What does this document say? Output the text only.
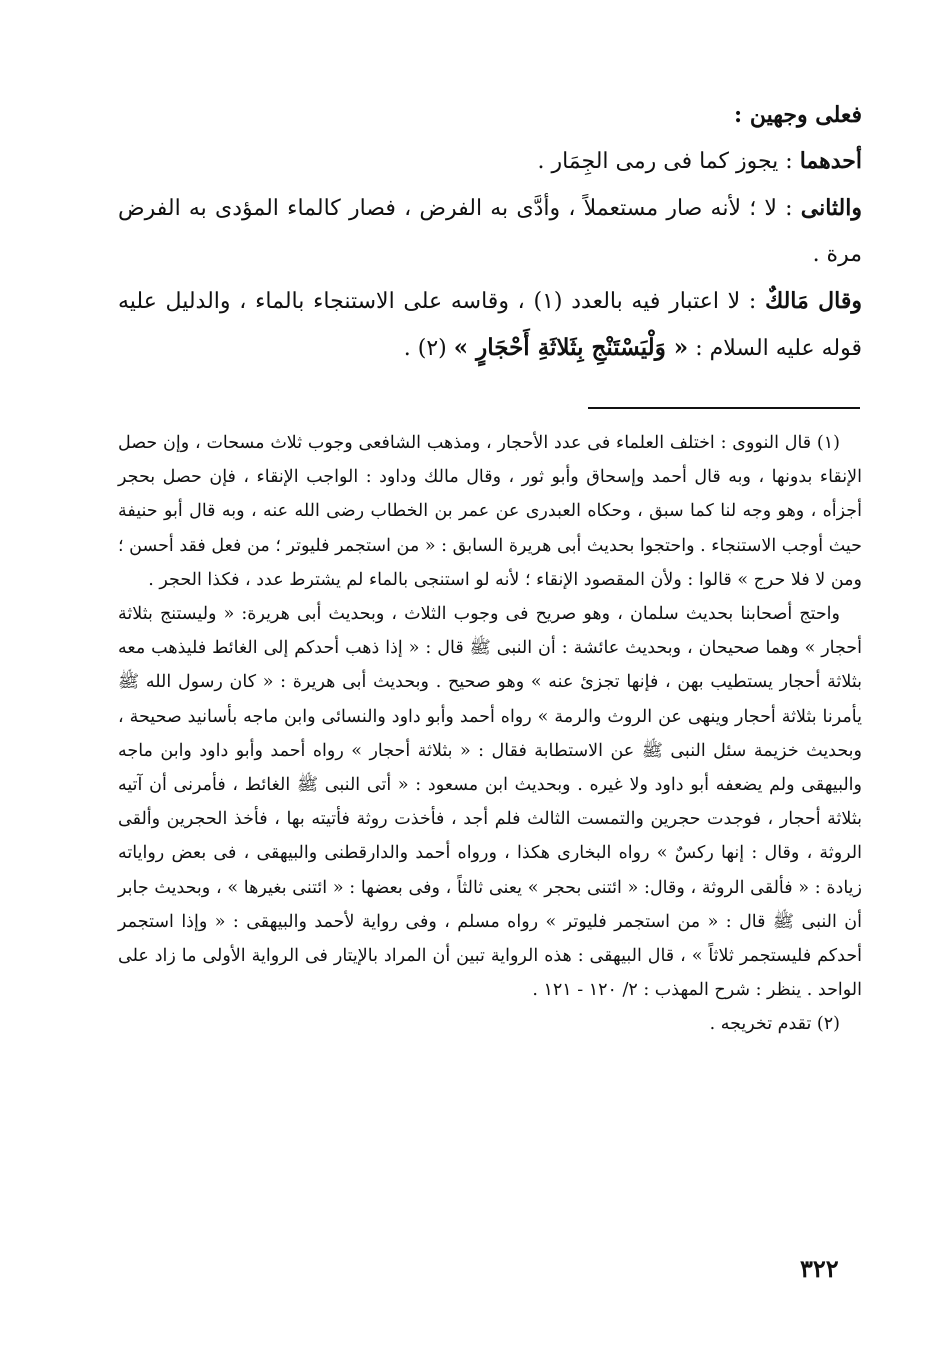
فعلى وجهين :

أحدهما : يجوز كما فى رمى الجِمَار .

والثانى : لا ؛ لأنه صار مستعملاً ، وأدَّى به الفرض ، فصار كالماء المؤدى به الفرض مرة .

وقال مَالكٌ : لا اعتبار فيه بالعدد (١) ، وقاسه على الاستنجاء بالماء ، والدليل عليه قوله عليه السلام : « وَلْيَسْتَنْجِ بِثَلاثَةِ أَحْجَارٍ » (٢) .

(١) قال النووى : اختلف العلماء فى عدد الأحجار ، ومذهب الشافعى وجوب ثلاث مسحات ، وإن حصل الإنقاء بدونها ، وبه قال أحمد وإسحاق وأبو ثور ، وقال مالك وداود : الواجب الإنقاء ، فإن حصل بحجر أجزأه ، وهو وجه لنا كما سبق ، وحكاه العبدرى عن عمر بن الخطاب رضى الله عنه ، وبه قال أبو حنيفة حيث أوجب الاستنجاء . واحتجوا بحديث أبى هريرة السابق : « من استجمر فليوتر ؛ من فعل فقد أحسن ؛ ومن لا فلا حرج » قالوا : ولأن المقصود الإنقاء ؛ لأنه لو استنجى بالماء لم يشترط عدد ، فكذا الحجر .

واحتج أصحابنا بحديث سلمان ، وهو صريح فى وجوب الثلاث ، وبحديث أبى هريرة: « وليستنج بثلاثة أحجار » وهما صحيحان ، وبحديث عائشة : أن النبى ﷺ قال : « إذا ذهب أحدكم إلى الغائط فليذهب معه بثلاثة أحجار يستطيب بهن ، فإنها تجزئ عنه » وهو صحيح . وبحديث أبى هريرة : « كان رسول الله ﷺ يأمرنا بثلاثة أحجار وينهى عن الروث والرمة » رواه أحمد وأبو داود والنسائى وابن ماجه بأسانيد صحيحة ، وبحديث خزيمة سئل النبى ﷺ عن الاستطابة فقال : « بثلاثة أحجار » رواه أحمد وأبو داود وابن ماجه والبيهقى ولم يضعفه أبو داود ولا غيره . وبحديث ابن مسعود : « أتى النبى ﷺ الغائط ، فأمرنى أن آتيه بثلاثة أحجار ، فوجدت حجرين والتمست الثالث فلم أجد ، فأخذت روثة فأتيته بها ، فأخذ الحجرين وألقى الروثة ، وقال : إنها ركسٌ » رواه البخارى هكذا ، ورواه أحمد والدارقطنى والبيهقى ، فى بعض رواياته زيادة : « فألقى الروثة ، وقال: « ائتنى بحجر » يعنى ثالثاً ، وفى بعضها : « ائتنى بغيرها » ، وبحديث جابر أن النبى ﷺ قال : « من استجمر فليوتر » رواه مسلم ، وفى رواية لأحمد والبيهقى : « وإذا استجمر أحدكم فليستجمر ثلاثاً » ، قال البيهقى : هذه الرواية تبين أن المراد بالإيتار فى الرواية الأولى ما زاد على الواحد . ينظر : شرح المهذب : ٢/ ١٢٠ - ١٢١ .

(٢) تقدم تخريجه .

٣٢٢
